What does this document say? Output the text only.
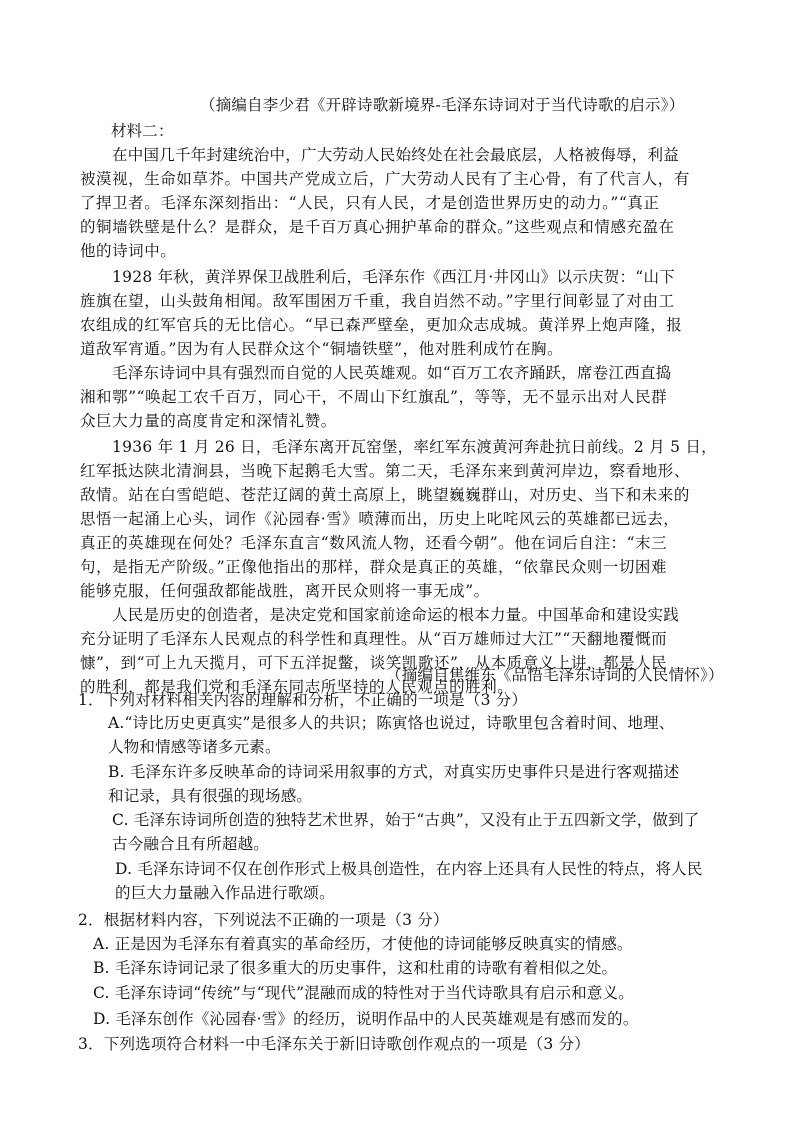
（摘编自李少君《开辟诗歌新境界-毛泽东诗词对于当代诗歌的启示》）
材料二：
在中国几千年封建统治中，广大劳动人民始终处在社会最底层，人格被侮辱，利益
被漠视，生命如草芥。中国共产党成立后，广大劳动人民有了主心骨，有了代言人，有
了捍卫者。毛泽东深刻指出：“人民，只有人民，才是创造世界历史的动力。”“真正
的铜墙铁壁是什么？是群众，是千百万真心拥护革命的群众。”这些观点和情感充盈在
他的诗词中。
1928 年秋，黄洋界保卫战胜利后，毛泽东作《西江月·井冈山》以示庆贺：“山下
旌旗在望，山头鼓角相闻。敌军围困万千重，我自岿然不动。”字里行间彰显了对由工
农组成的红军官兵的无比信心。“早已森严壁垒，更加众志成城。黄洋界上炮声隆，报
道敌军宵遁。”因为有人民群众这个“铜墙铁壁”，他对胜利成竹在胸。
毛泽东诗词中具有强烈而自觉的人民英雄观。如“百万工农齐踊跃，席卷江西直捣
湘和鄂”“唤起工农千百万，同心干，不周山下红旗乱”，等等，无不显示出对人民群
众巨大力量的高度肯定和深情礼赞。
1936 年 1 月 26 日，毛泽东离开瓦窑堡，率红军东渡黄河奔赴抗日前线。2 月 5 日，
红军抵达陕北清涧县，当晚下起鹅毛大雪。第二天，毛泽东来到黄河岸边，察看地形、
敌情。站在白雪皑皑、苍茫辽阔的黄土高原上，眺望巍巍群山，对历史、当下和未来的
思悟一起涌上心头，词作《沁园春·雪》喷薄而出，历史上叱咤风云的英雄都已远去，
真正的英雄现在何处？毛泽东直言“数风流人物，还看今朝”。他在词后自注：“末三
句，是指无产阶级。”正像他指出的那样，群众是真正的英雄，“依靠民众则一切困难
能够克服，任何强敌都能战胜，离开民众则将一事无成”。
人民是历史的创造者，是决定党和国家前途命运的根本力量。中国革命和建设实践
充分证明了毛泽东人民观点的科学性和真理性。从“百万雄师过大江”“天翻地覆慨而
慷”，到“可上九天揽月，可下五洋捉鳖，谈笑凯歌还”，从本质意义上讲，都是人民
的胜利，都是我们党和毛泽东同志所坚持的人民观点的胜利。
（摘编自焦维东《品悟毛泽东诗词的人民情怀》）
1．下列对材料相关内容的理解和分析，不正确的一项是（3 分）
A.“诗比历史更真实”是很多人的共识；陈寅恪也说过，诗歌里包含着时间、地理、
人物和情感等诸多元素。
B. 毛泽东许多反映革命的诗词采用叙事的方式，对真实历史事件只是进行客观描述
和记录，具有很强的现场感。
C. 毛泽东诗词所创造的独特艺术世界，始于“古典”，又没有止于五四新文学，做到了
古今融合且有所超越。
D. 毛泽东诗词不仅在创作形式上极具创造性，在内容上还具有人民性的特点，将人民
的巨大力量融入作品进行歌颂。
2．根据材料内容，下列说法不正确的一项是（3 分）
A. 正是因为毛泽东有着真实的革命经历，才使他的诗词能够反映真实的情感。
B. 毛泽东诗词记录了很多重大的历史事件，这和杜甫的诗歌有着相似之处。
C. 毛泽东诗词“传统”与“现代”混融而成的特性对于当代诗歌具有启示和意义。
D. 毛泽东创作《沁园春·雪》的经历，说明作品中的人民英雄观是有感而发的。
3．下列选项符合材料一中毛泽东关于新旧诗歌创作观点的一项是（3 分）
